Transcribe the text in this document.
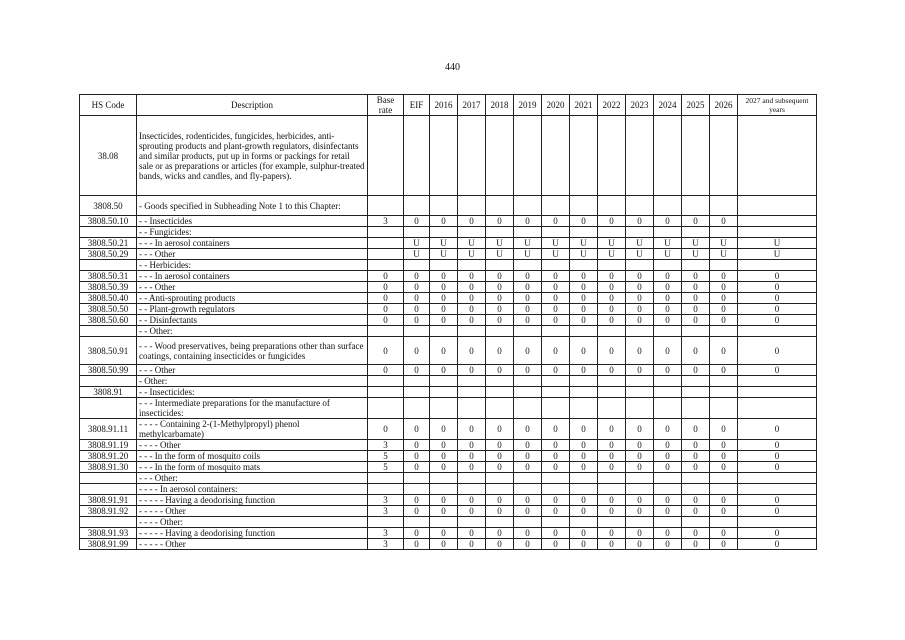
440
HS Code	Description	Base rate	EIF	2016	2017	2018	2019	2020	2021	2022	2023	2024	2025	2026	2027 and subsequent years
38.08	Insecticides, rodenticides, fungicides, herbicides, anti-sprouting products and plant-growth regulators, disinfectants and similar products, put up in forms or packings for retail sale or as preparations or articles (for example, sulphur-treated bands, wicks and candles, and fly-papers).														
3808.50	- Goods specified in Subheading Note 1 to this Chapter:														
3808.50.10	- - Insecticides	3	0	0	0	0	0	0	0	0	0	0	0	0	
	- - Fungicides:														
3808.50.21	- - - In aerosol containers		U	U	U	U	U	U	U	U	U	U	U	U	U
3808.50.29	- - - Other		U	U	U	U	U	U	U	U	U	U	U	U	U
	- - Herbicides:														
3808.50.31	- - - In aerosol containers	0	0	0	0	0	0	0	0	0	0	0	0	0	0
3808.50.39	- - - Other	0	0	0	0	0	0	0	0	0	0	0	0	0	0
3808.50.40	- - Anti-sprouting products	0	0	0	0	0	0	0	0	0	0	0	0	0	0
3808.50.50	- - Plant-growth regulators	0	0	0	0	0	0	0	0	0	0	0	0	0	0
3808.50.60	- - Disinfectants	0	0	0	0	0	0	0	0	0	0	0	0	0	0
	- - Other:														
3808.50.91	- - - Wood preservatives, being preparations other than surface coatings, containing insecticides or fungicides	0	0	0	0	0	0	0	0	0	0	0	0	0	0
3808.50.99	- - - Other	0	0	0	0	0	0	0	0	0	0	0	0	0	0
	- Other:														
3808.91	- - Insecticides:														
	- - - Intermediate preparations for the manufacture of insecticides:														
3808.91.11	- - - - Containing 2-(1-Methylpropyl) phenol methylcarbamate)	0	0	0	0	0	0	0	0	0	0	0	0	0	0
3808.91.19	- - - - Other	3	0	0	0	0	0	0	0	0	0	0	0	0	0
3808.91.20	- - - In the form of mosquito coils	5	0	0	0	0	0	0	0	0	0	0	0	0	0
3808.91.30	- - - In the form of mosquito mats	5	0	0	0	0	0	0	0	0	0	0	0	0	0
	- - - Other:														
	- - - - In aerosol containers:														
3808.91.91	- - - - - Having a deodorising function	3	0	0	0	0	0	0	0	0	0	0	0	0	0
3808.91.92	- - - - - Other	3	0	0	0	0	0	0	0	0	0	0	0	0	0
	- - - - Other:														
3808.91.93	- - - - - Having a deodorising function	3	0	0	0	0	0	0	0	0	0	0	0	0	0
3808.91.99	- - - - - Other	3	0	0	0	0	0	0	0	0	0	0	0	0	0
